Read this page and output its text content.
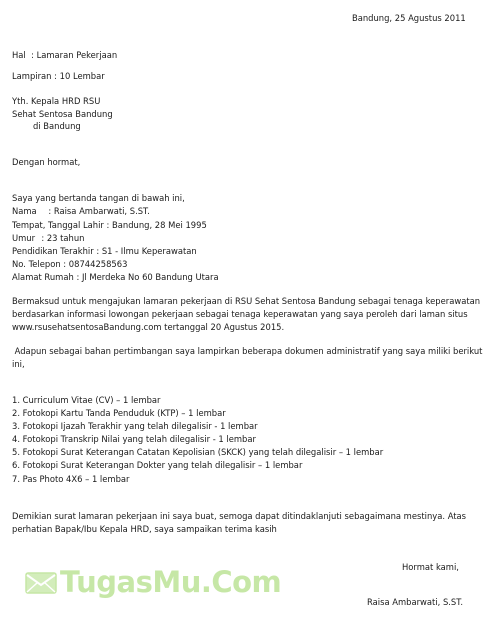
Bandung, 25 Agustus 2011
Hal  : Lamaran Pekerjaan
Lampiran : 10 Lembar
Yth. Kepala HRD RSU
Sehat Sentosa Bandung
di Bandung
Dengan hormat,
Saya yang bertanda tangan di bawah ini,
Nama  : Raisa Ambarwati, S.ST.
Tempat, Tanggal Lahir : Bandung, 28 Mei 1995
Umur  : 23 tahun
Pendidikan Terakhir : S1 - Ilmu Keperawatan
No. Telepon : 08744258563
Alamat Rumah : Jl Merdeka No 60 Bandung Utara
Bermaksud untuk mengajukan lamaran pekerjaan di RSU Sehat Sentosa Bandung sebagai tenaga keperawatan
berdasarkan informasi lowongan pekerjaan sebagai tenaga keperawatan yang saya peroleh dari laman situs
www.rsusehatsentosaBandung.com tertanggal 20 Agustus 2015.
Adapun sebagai bahan pertimbangan saya lampirkan beberapa dokumen administratif yang saya miliki berikut
ini,
1. Curriculum Vitae (CV) – 1 lembar
2. Fotokopi Kartu Tanda Penduduk (KTP) – 1 lembar
3. Fotokopi Ijazah Terakhir yang telah dilegalisir - 1 lembar
4. Fotokopi Transkrip Nilai yang telah dilegalisir - 1 lembar
5. Fotokopi Surat Keterangan Catatan Kepolisian (SKCK) yang telah dilegalisir – 1 lembar
6. Fotokopi Surat Keterangan Dokter yang telah dilegalisir – 1 lembar
7. Pas Photo 4X6 – 1 lembar
Demikian surat lamaran pekerjaan ini saya buat, semoga dapat ditindaklanjuti sebagaimana mestinya. Atas
perhatian Bapak/Ibu Kepala HRD, saya sampaikan terima kasih
Hormat kami,
Raisa Ambarwati, S.ST.
TugasMu.Com
